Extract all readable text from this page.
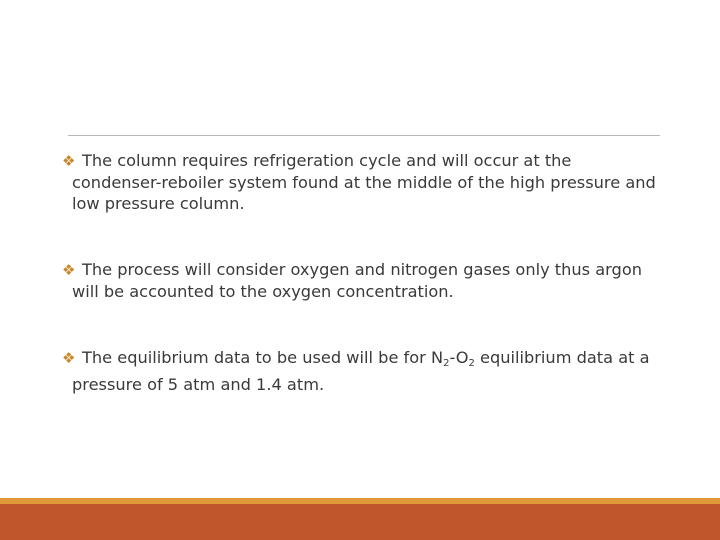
❖ The column requires refrigeration cycle and will occur at the condenser-reboiler system found at the middle of the high pressure and low pressure column.
❖ The process will consider oxygen and nitrogen gases only thus argon will be accounted to the oxygen concentration.
❖ The equilibrium data to be used will be for $N_2-O_2$ equilibrium data at a pressure of 5 atm and 1.4 atm.
